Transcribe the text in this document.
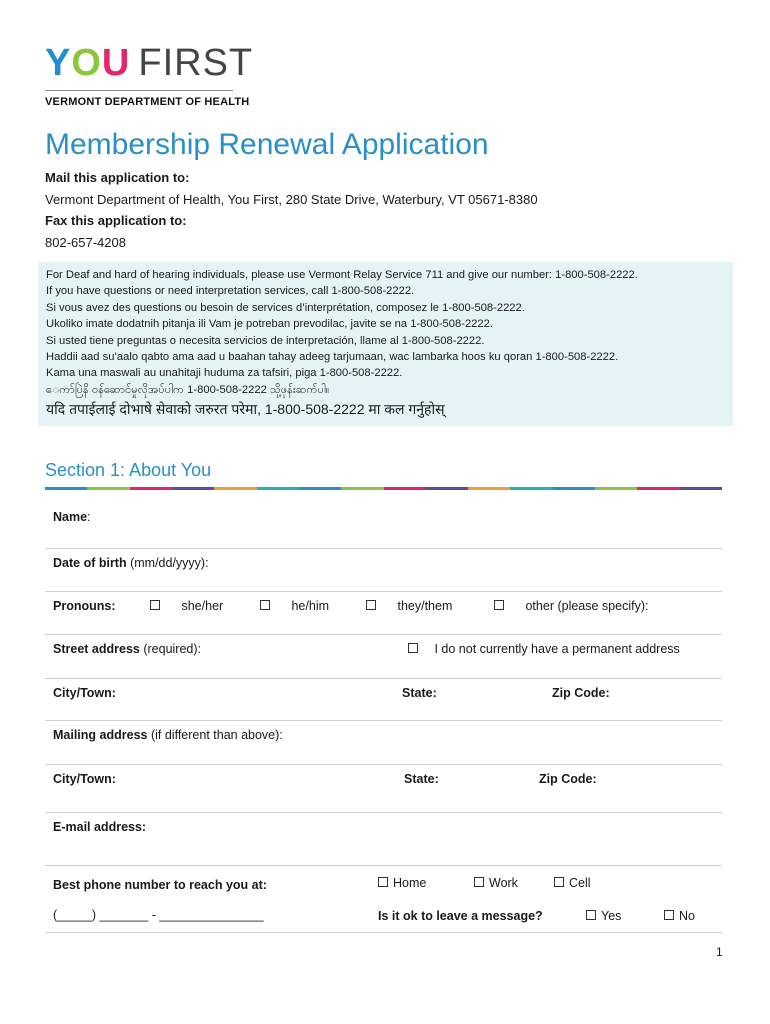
YOU FIRST
VERMONT DEPARTMENT OF HEALTH
Membership Renewal Application
Mail this application to:
Vermont Department of Health, You First, 280 State Drive, Waterbury, VT 05671-8380
Fax this application to:
802-657-4208
For Deaf and hard of hearing individuals, please use Vermont Relay Service 711 and give our number: 1-800-508-2222.
If you have questions or need interpretation services, call 1-800-508-2222.
Si vous avez des questions ou besoin de services d’interprétation, composez le 1-800-508-2222.
Ukoliko imate dodatnih pitanja ili Vam je potreban prevodilac, javite se na 1-800-508-2222.
Si usted tiene preguntas o necesita servicios de interpretación, llame al 1-800-508-2222.
Haddii aad su’aalo qabto ama aad u baahan tahay adeeg tarjumaan, wac lambarka hoos ku qoran 1-800-508-2222.
Kama una maswali au unahitaji huduma za tafsiri, piga 1-800-508-2222.
ေကာ်ပြဲနိ ဝန်ဆောင်မှုလိုအပ်ပါက 1-800-508-2222 သို့ဖုန်းဆက်ပါ။
यदि तपाईलाई दोभाषे सेवाको जरुरत परेमा, 1-800-508-2222 मा कल गर्नुहोस्
Section 1: About You
Name:
Date of birth (mm/dd/yyyy):
Pronouns:	she/her	he/him	they/them	other (please specify):
Street address (required):	I do not currently have a permanent address
City/Town:	State:	Zip Code:
Mailing address (if different than above):
City/Town:	State:	Zip Code:
E-mail address:
Best phone number to reach you at:	Home	Work	Cell
(_____) _______ - _______________	Is it ok to leave a message?	Yes	No
1
